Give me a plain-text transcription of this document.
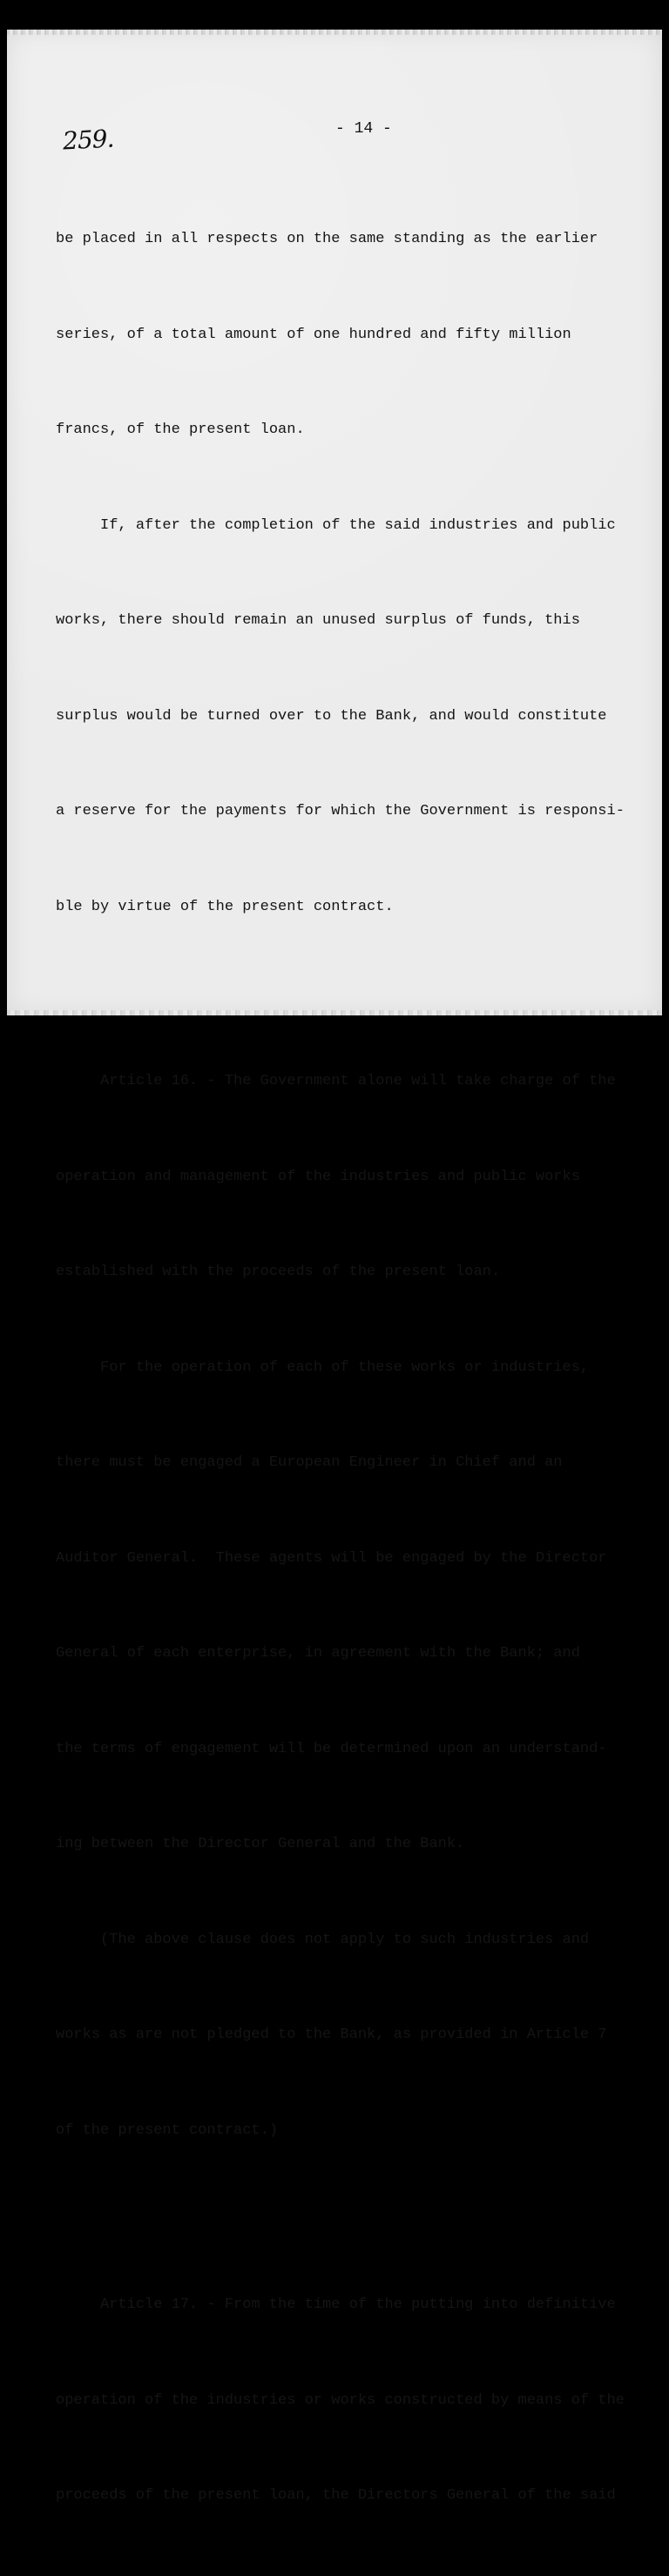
259.	- 14 -

be placed in all respects on the same standing as the earlier

series, of a total amount of one hundred and fifty million

francs, of the present loan.

If, after the completion of the said industries and public

works, there should remain an unused surplus of funds, this

surplus would be turned over to the Bank, and would constitute

a reserve for the payments for which the Government is responsi-

ble by virtue of the present contract.

Article 16. - The Government alone will take charge of the

operation and management of the industries and public works

established with the proceeds of the present loan.

For the operation of each of these works or industries,

there must be engaged a European Engineer in Chief and an

Auditor General.  These agents will be engaged by the Director

General of each enterprise, in agreement with the Bank; and

the terms of engagement will be determined upon an understand-

ing between the Director General and the Bank.

(The above clause does not apply to such industries and

works as are not pledged to the Bank, as provided in Article 7

of the present contract.)

Article 17. - From the time of the putting into definitive

operation of the industries or works constructed by means of the

proceeds of the present loan, the Directors General of the said
